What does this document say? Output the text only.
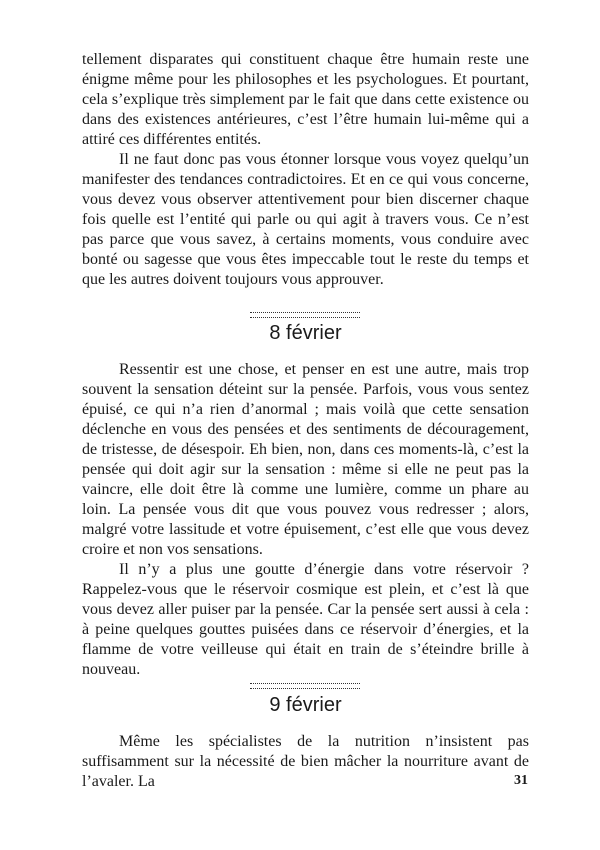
tellement disparates qui constituent chaque être humain reste une énigme même pour les philosophes et les psychologues. Et pourtant, cela s’explique très simplement par le fait que dans cette existence ou dans des existences antérieures, c’est l’être humain lui-même qui a attiré ces différentes entités.

Il ne faut donc pas vous étonner lorsque vous voyez quelqu’un manifester des tendances contradictoires. Et en ce qui vous concerne, vous devez vous observer attentivement pour bien discerner chaque fois quelle est l’entité qui parle ou qui agit à travers vous. Ce n’est pas parce que vous savez, à certains moments, vous conduire avec bonté ou sagesse que vous êtes impeccable tout le reste du temps et que les autres doivent toujours vous approuver.

8 février

Ressentir est une chose, et penser en est une autre, mais trop souvent la sensation déteint sur la pensée. Parfois, vous vous sentez épuisé, ce qui n’a rien d’anormal ; mais voilà que cette sensation déclenche en vous des pensées et des sentiments de découragement, de tristesse, de désespoir. Eh bien, non, dans ces moments-là, c’est la pensée qui doit agir sur la sensation : même si elle ne peut pas la vaincre, elle doit être là comme une lumière, comme un phare au loin. La pensée vous dit que vous pouvez vous redresser ; alors, malgré votre lassitude et votre épuisement, c’est elle que vous devez croire et non vos sensations.

Il n’y a plus une goutte d’énergie dans votre réservoir ? Rappelez-vous que le réservoir cosmique est plein, et c’est là que vous devez aller puiser par la pensée. Car la pensée sert aussi à cela : à peine quelques gouttes puisées dans ce réservoir d’énergies, et la flamme de votre veilleuse qui était en train de s’éteindre brille à nouveau.

9 février

Même les spécialistes de la nutrition n’insistent pas suffisamment sur la nécessité de bien mâcher la nourriture avant de l’avaler. La	31
